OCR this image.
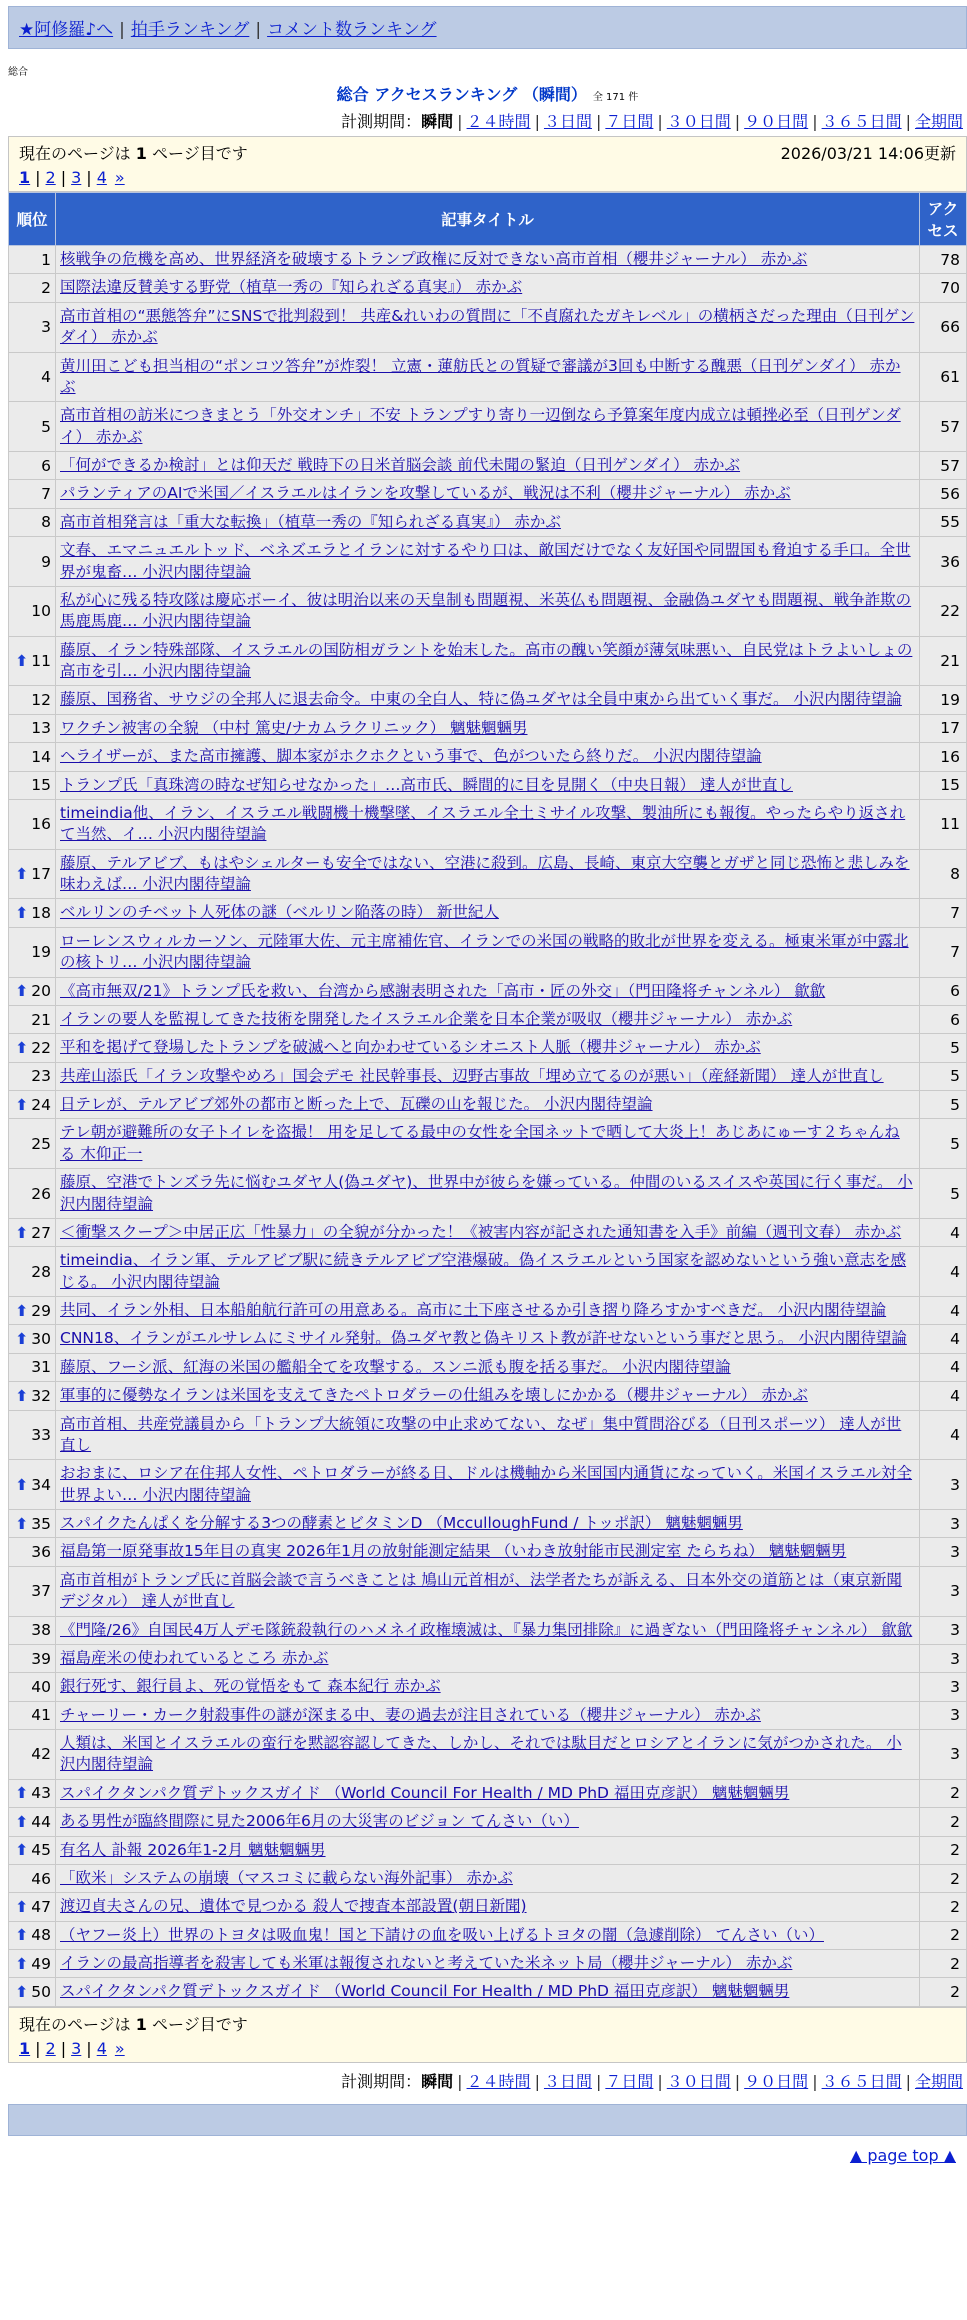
★阿修羅♪へ | 拍手ランキング | コメント数ランキング
総合
総合 アクセスランキング （瞬間） 全 171 件
計測期間：瞬間 | ２４時間 | ３日間 | ７日間 | ３０日間 | ９０日間 | ３６５日間 | 全期間
現在のページは 1 ページ目です	2026/03/21 14:06更新
1 | 2 | 3 | 4 »
順位	記事タイトル	アクセス
1	核戦争の危機を高め、世界経済を破壊するトランプ政権に反対できない高市首相（櫻井ジャーナル） 赤かぶ	78
2	国際法違反賛美する野党（植草一秀の『知られざる真実』） 赤かぶ	70
3	高市首相の“悪態答弁”にSNSで批判殺到！ 共産&れいわの質問に「不貞腐れたガキレベル」の横柄さだった理由（日刊ゲンダイ） 赤かぶ	66
4	黄川田こども担当相の“ポンコツ答弁”が炸裂！ 立憲・蓮舫氏との質疑で審議が3回も中断する醜悪（日刊ゲンダイ） 赤かぶ	61
5	高市首相の訪米につきまとう「外交オンチ」不安 トランプすり寄り一辺倒なら予算案年度内成立は頓挫必至（日刊ゲンダイ） 赤かぶ	57
6	「何ができるか検討」とは仰天だ 戦時下の日米首脳会談 前代未聞の緊迫（日刊ゲンダイ） 赤かぶ	57
7	パランティアのAIで米国／イスラエルはイランを攻撃しているが、戦況は不利（櫻井ジャーナル） 赤かぶ	56
8	高市首相発言は「重大な転換」（植草一秀の『知られざる真実』） 赤かぶ	55
9	文春、エマニュエルトッド、ベネズエラとイランに対するやり口は、敵国だけでなく友好国や同盟国も脅迫する手口。全世界が鬼畜… 小沢内閣待望論	36
10	私が心に残る特攻隊は慶応ボーイ、彼は明治以来の天皇制も問題視、米英仏も問題視、金融偽ユダヤも問題視、戦争詐欺の馬鹿馬鹿… 小沢内閣待望論	22
⬆ 11	藤原、イラン特殊部隊、イスラエルの国防相ガラントを始末した。高市の醜い笑顔が薄気味悪い、自民党はトラよいしょの高市を引… 小沢内閣待望論	21
12	藤原、国務省、サウジの全邦人に退去命令。中東の全白人、特に偽ユダヤは全員中東から出ていく事だ。 小沢内閣待望論	19
13	ワクチン被害の全貌 （中村 篤史/ナカムラクリニック） 魑魅魍魎男	17
14	ヘライザーが、また高市擁護、脚本家がホクホクという事で、色がついたら終りだ。 小沢内閣待望論	16
15	トランプ氏「真珠湾の時なぜ知らせなかった」…高市氏、瞬間的に目を見開く（中央日報） 達人が世直し	15
16	timeindia他、イラン、イスラエル戦闘機十機撃墜、イスラエル全土ミサイル攻撃、製油所にも報復。やったらやり返されて当然、イ… 小沢内閣待望論	11
⬆ 17	藤原、テルアビブ、もはやシェルターも安全ではない、空港に殺到。広島、長崎、東京大空襲とガザと同じ恐怖と悲しみを味わえば… 小沢内閣待望論	8
⬆ 18	ベルリンのチベット人死体の謎（ベルリン陥落の時） 新世紀人	7
19	ローレンスウィルカーソン、元陸軍大佐、元主席補佐官、イランでの米国の戦略的敗北が世界を変える。極東米軍が中露北の核トリ… 小沢内閣待望論	7
⬆ 20	《高市無双/21》トランプ氏を救い、台湾から感謝表明された「高市・匠の外交」（門田隆将チャンネル） 歙歙	6
21	イランの要人を監視してきた技術を開発したイスラエル企業を日本企業が吸収（櫻井ジャーナル） 赤かぶ	6
⬆ 22	平和を掲げて登場したトランプを破滅へと向かわせているシオニスト人脈（櫻井ジャーナル） 赤かぶ	5
23	共産山添氏「イラン攻撃やめろ」国会デモ 社民幹事長、辺野古事故「埋め立てるのが悪い」（産経新聞） 達人が世直し	5
⬆ 24	日テレが、テルアビブ郊外の都市と断った上で、瓦礫の山を報じた。 小沢内閣待望論	5
25	テレ朝が避難所の女子トイレを盗撮！ 用を足してる最中の女性を全国ネットで晒して大炎上！あじあにゅーす２ちゃんねる 木仰正一	5
26	藤原、空港でトンズラ先に悩むユダヤ人(偽ユダヤ)、世界中が彼らを嫌っている。仲間のいるスイスや英国に行く事だ。 小沢内閣待望論	5
⬆ 27	＜衝撃スクープ＞中居正広「性暴力」の全貌が分かった！《被害内容が記された通知書を入手》前編（週刊文春） 赤かぶ	4
28	timeindia、イラン軍、テルアビブ駅に続きテルアビブ空港爆破。偽イスラエルという国家を認めないという強い意志を感じる。 小沢内閣待望論	4
⬆ 29	共同、イラン外相、日本船舶航行許可の用意ある。高市に土下座させるか引き摺り降ろすかすべきだ。 小沢内閣待望論	4
⬆ 30	CNN18、イランがエルサレムにミサイル発射。偽ユダヤ教と偽キリスト教が許せないという事だと思う。 小沢内閣待望論	4
31	藤原、フーシ派、紅海の米国の艦船全てを攻撃する。スンニ派も腹を括る事だ。 小沢内閣待望論	4
⬆ 32	軍事的に優勢なイランは米国を支えてきたペトロダラーの仕組みを壊しにかかる（櫻井ジャーナル） 赤かぶ	4
33	高市首相、共産党議員から「トランプ大統領に攻撃の中止求めてない、なぜ」集中質問浴びる（日刊スポーツ） 達人が世直し	4
⬆ 34	おおまに、ロシア在住邦人女性、ペトロダラーが終る日、ドルは機軸から米国国内通貨になっていく。米国イスラエル対全世界よい… 小沢内閣待望論	3
⬆ 35	スパイクたんぱくを分解する3つの酵素とビタミンD （McculloughFund / トッポ訳） 魑魅魍魎男	3
36	福島第一原発事故15年目の真実 2026年1月の放射能測定結果 （いわき放射能市民測定室 たらちね） 魑魅魍魎男	3
37	高市首相がトランプ氏に首脳会談で言うべきことは 鳩山元首相が、法学者たちが訴える、日本外交の道筋とは（東京新聞デジタル） 達人が世直し	3
38	《門隆/26》自国民4万人デモ隊銃殺執行のハメネイ政権壊滅は、『暴力集団排除』に過ぎない（門田隆将チャンネル） 歙歙	3
39	福島産米の使われているところ 赤かぶ	3
40	銀行死す、銀行員よ、死の覚悟をもて 森本紀行 赤かぶ	3
41	チャーリー・カーク射殺事件の謎が深まる中、妻の過去が注目されている（櫻井ジャーナル） 赤かぶ	3
42	人類は、米国とイスラエルの蛮行を黙認容認してきた、しかし、それでは駄目だとロシアとイランに気がつかされた。 小沢内閣待望論	3
⬆ 43	スパイクタンパク質デトックスガイド （World Council For Health / MD PhD 福田克彦訳） 魑魅魍魎男	2
⬆ 44	ある男性が臨終間際に見た2006年6月の大災害のビジョン てんさい（い）	2
⬆ 45	有名人 訃報 2026年1-2月 魑魅魍魎男	2
46	「欧米」システムの崩壊（マスコミに載らない海外記事） 赤かぶ	2
⬆ 47	渡辺貞夫さんの兄、遺体で見つかる 殺人で捜査本部設置(朝日新聞)	2
⬆ 48	（ヤフー炎上）世界のトヨタは吸血鬼！国と下請けの血を吸い上げるトヨタの闇（急遽削除） てんさい（い）	2
⬆ 49	イランの最高指導者を殺害しても米軍は報復されないと考えていた米ネット局（櫻井ジャーナル） 赤かぶ	2
⬆ 50	スパイクタンパク質デトックスガイド （World Council For Health / MD PhD 福田克彦訳） 魑魅魍魎男	2
現在のページは 1 ページ目です
1 | 2 | 3 | 4 »
計測期間：瞬間 | ２４時間 | ３日間 | ７日間 | ３０日間 | ９０日間 | ３６５日間 | 全期間
▲ page top ▲
